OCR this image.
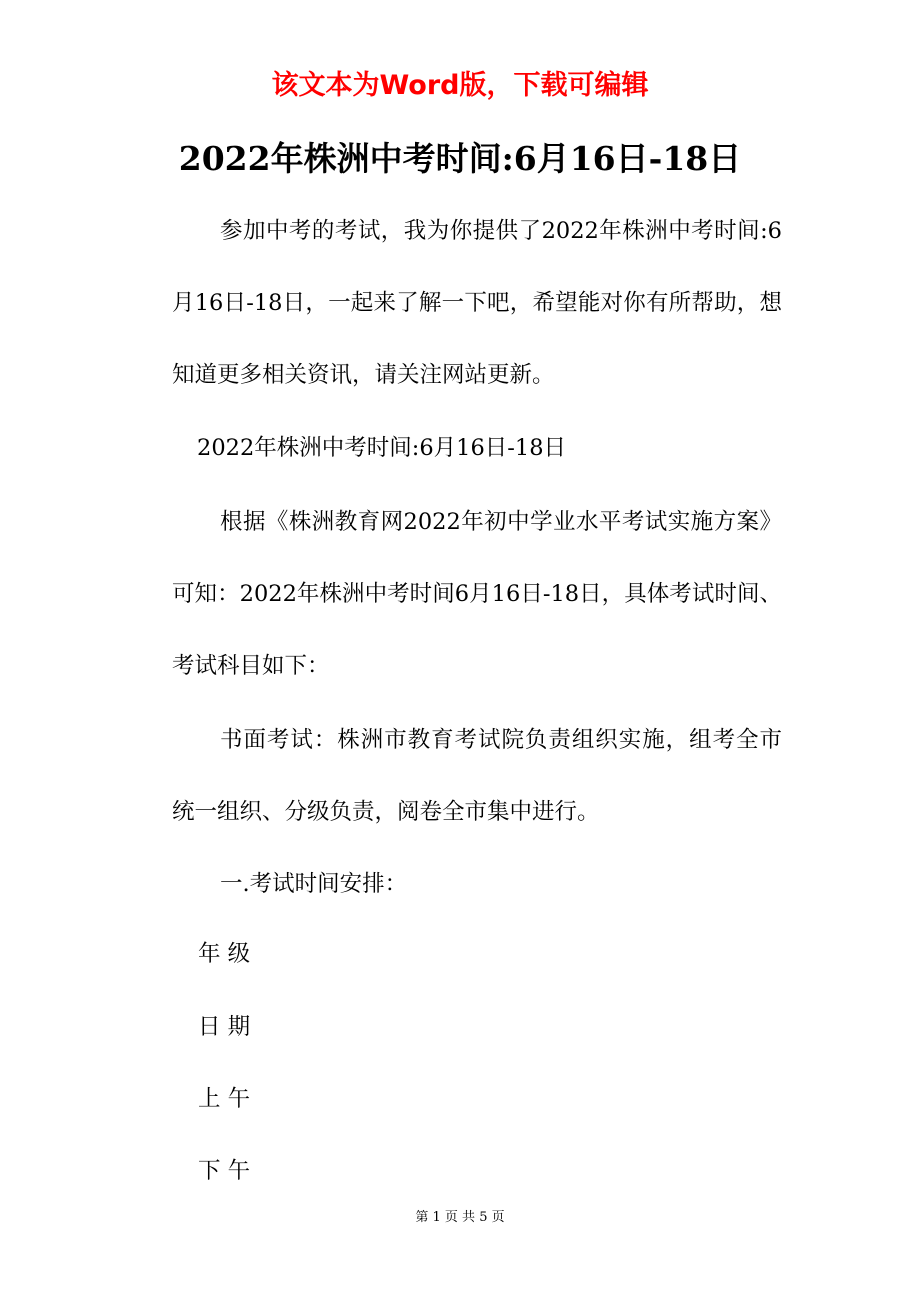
该文本为Word版，下载可编辑
2022年株洲中考时间:6月16日-18日

参加中考的考试，我为你提供了2022年株洲中考时间:6月16日-18日，一起来了解一下吧，希望能对你有所帮助，想知道更多相关资讯，请关注网站更新。

2022年株洲中考时间:6月16日-18日

根据《株洲教育网2022年初中学业水平考试实施方案》可知：2022年株洲中考时间6月16日-18日，具体考试时间、考试科目如下：

书面考试：株洲市教育考试院负责组织实施，组考全市统一组织、分级负责，阅卷全市集中进行。

一.考试时间安排：

年 级

日 期

上 午

下 午

第 1 页 共 5 页
